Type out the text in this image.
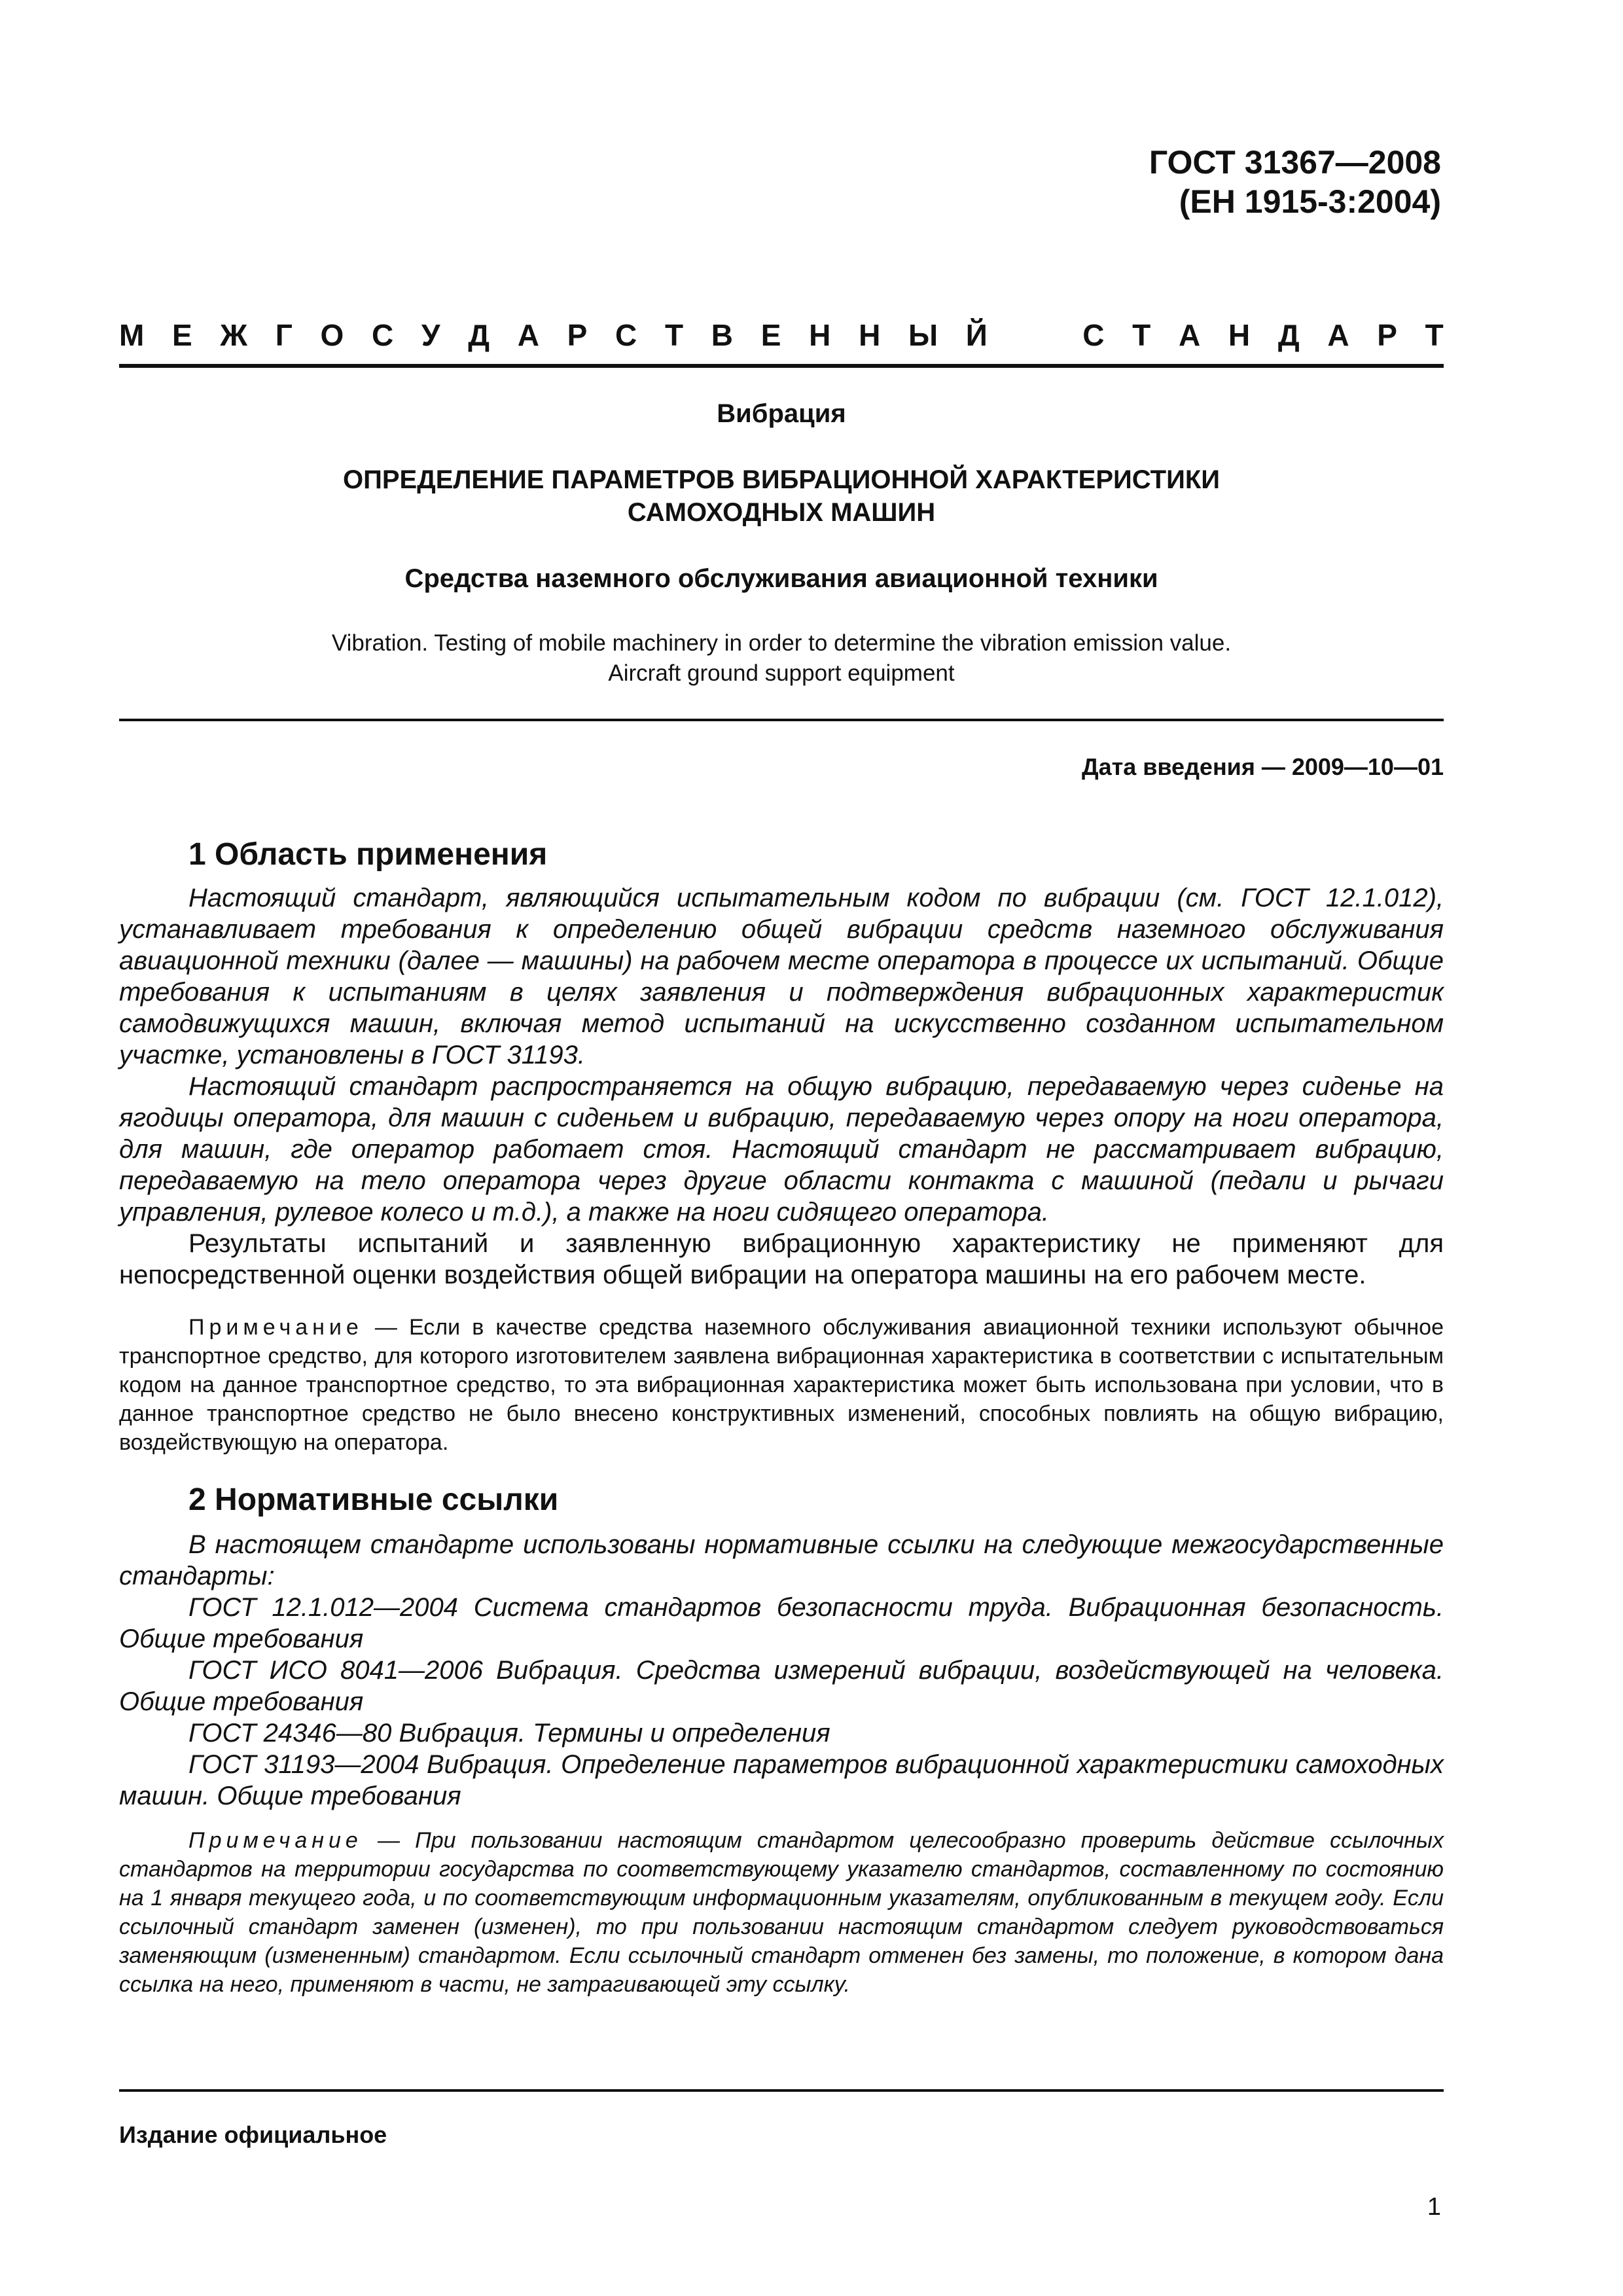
ГОСТ 31367—2008
(ЕН 1915-3:2004)
М Е Ж Г О С У Д А Р С Т В Е Н Н Ы Й	С Т А Н Д А Р Т
Вибрация
ОПРЕДЕЛЕНИЕ ПАРАМЕТРОВ ВИБРАЦИОННОЙ ХАРАКТЕРИСТИКИ
САМОХОДНЫХ МАШИН
Средства наземного обслуживания авиационной техники
Vibration. Testing of mobile machinery in order to determine the vibration emission value.
Aircraft ground support equipment
Дата введения — 2009—10—01
1 Область применения

Настоящий стандарт, являющийся испытательным кодом по вибрации (см. ГОСТ 12.1.012), устанавливает требования к определению общей вибрации средств наземного обслуживания авиационной техники (далее — машины) на рабочем месте оператора в процессе их испытаний. Общие требования к испытаниям в целях заявления и подтверждения вибрационных характеристик самодвижущихся машин, включая метод испытаний на искусственно созданном испытательном участке, установлены в ГОСТ 31193.

Настоящий стандарт распространяется на общую вибрацию, передаваемую через сиденье на ягодицы оператора, для машин с сиденьем и вибрацию, передаваемую через опору на ноги оператора, для машин, где оператор работает стоя. Настоящий стандарт не рассматривает вибрацию, передаваемую на тело оператора через другие области контакта с машиной (педали и рычаги управления, рулевое колесо и т.д.), а также на ноги сидящего оператора.

Результаты испытаний и заявленную вибрационную характеристику не применяют для непосредственной оценки воздействия общей вибрации на оператора машины на его рабочем месте.

Примечание — Если в качестве средства наземного обслуживания авиационной техники используют обычное транспортное средство, для которого изготовителем заявлена вибрационная характеристика в соответствии с испытательным кодом на данное транспортное средство, то эта вибрационная характеристика может быть использована при условии, что в данное транспортное средство не было внесено конструктивных изменений, способных повлиять на общую вибрацию, воздействующую на оператора.

2 Нормативные ссылки

В настоящем стандарте использованы нормативные ссылки на следующие межгосударственные стандарты:

ГОСТ 12.1.012—2004 Система стандартов безопасности труда. Вибрационная безопасность. Общие требования

ГОСТ ИСО 8041—2006 Вибрация. Средства измерений вибрации, воздействующей на человека. Общие требования

ГОСТ 24346—80 Вибрация. Термины и определения

ГОСТ 31193—2004 Вибрация. Определение параметров вибрационной характеристики самоходных машин. Общие требования

Примечание — При пользовании настоящим стандартом целесообразно проверить действие ссылочных стандартов на территории государства по соответствующему указателю стандартов, составленному по состоянию на 1 января текущего года, и по соответствующим информационным указателям, опубликованным в текущем году. Если ссылочный стандарт заменен (изменен), то при пользовании настоящим стандартом следует руководствоваться заменяющим (измененным) стандартом. Если ссылочный стандарт отменен без замены, то положение, в котором дана ссылка на него, применяют в части, не затрагивающей эту ссылку.

Издание официальное
1
